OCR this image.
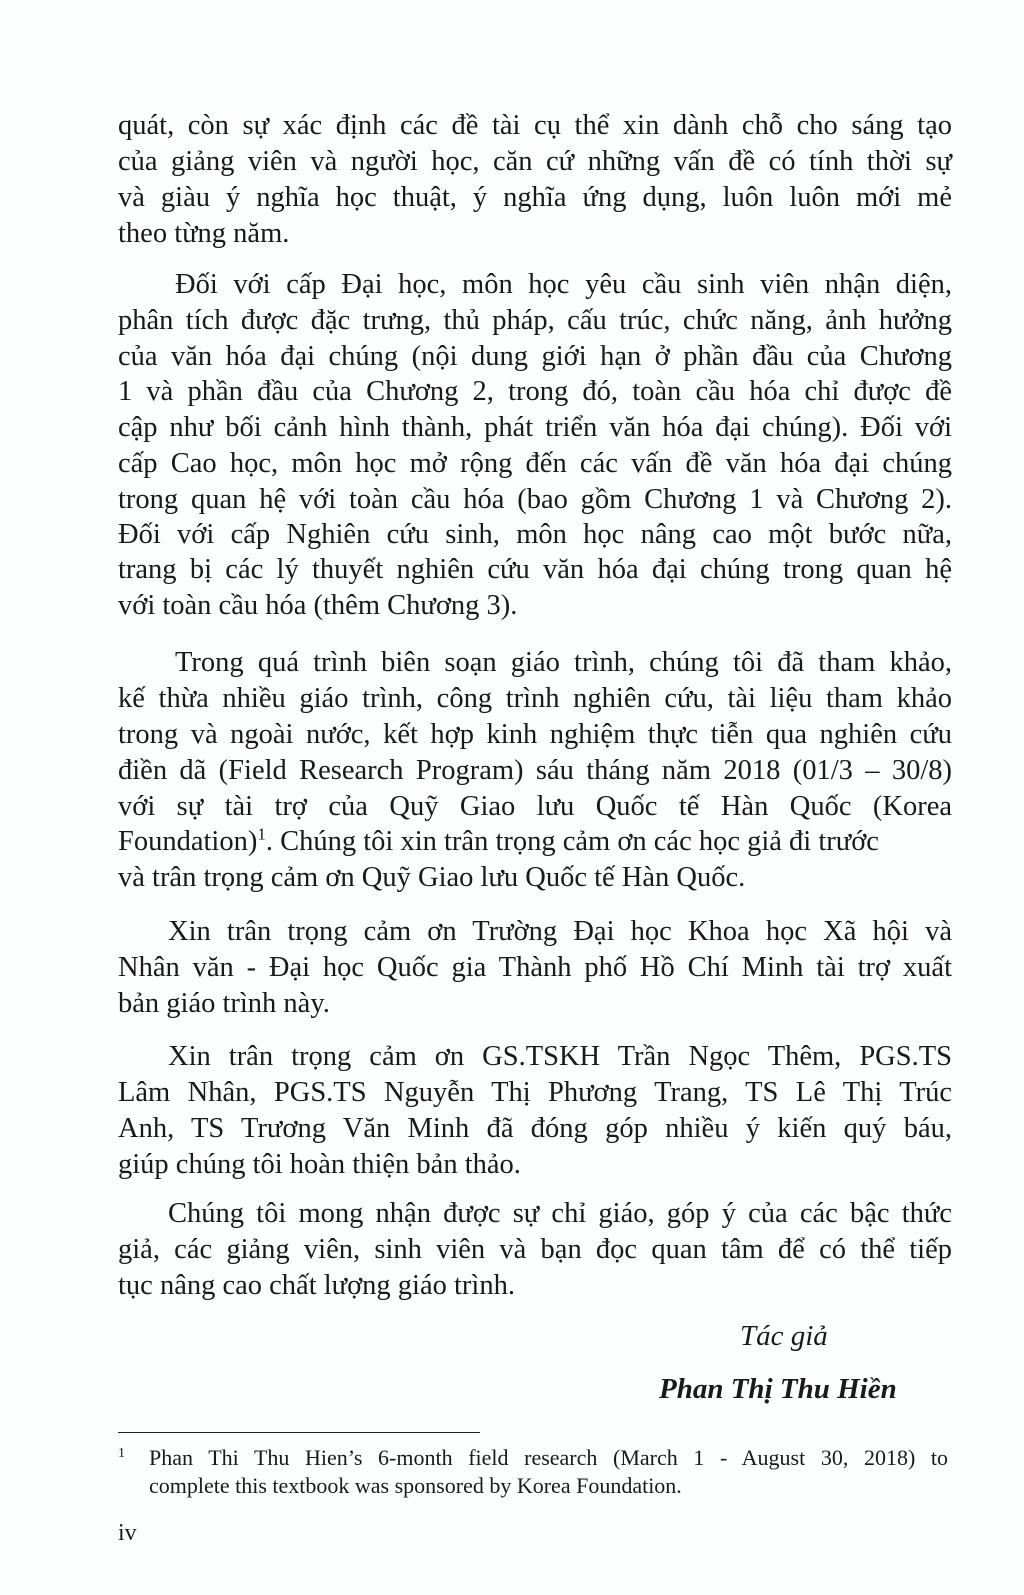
quát, còn sự xác định các đề tài cụ thể xin dành chỗ cho sáng tạo
của giảng viên và người học, căn cứ những vấn đề có tính thời sự
và giàu ý nghĩa học thuật, ý nghĩa ứng dụng, luôn luôn mới mẻ
theo từng năm.
Đối với cấp Đại học, môn học yêu cầu sinh viên nhận diện,
phân tích được đặc trưng, thủ pháp, cấu trúc, chức năng, ảnh hưởng
của văn hóa đại chúng (nội dung giới hạn ở phần đầu của Chương
1 và phần đầu của Chương 2, trong đó, toàn cầu hóa chỉ được đề
cập như bối cảnh hình thành, phát triển văn hóa đại chúng). Đối với
cấp Cao học, môn học mở rộng đến các vấn đề văn hóa đại chúng
trong quan hệ với toàn cầu hóa (bao gồm Chương 1 và Chương 2).
Đối với cấp Nghiên cứu sinh, môn học nâng cao một bước nữa,
trang bị các lý thuyết nghiên cứu văn hóa đại chúng trong quan hệ
với toàn cầu hóa (thêm Chương 3).
Trong quá trình biên soạn giáo trình, chúng tôi đã tham khảo,
kế thừa nhiều giáo trình, công trình nghiên cứu, tài liệu tham khảo
trong và ngoài nước, kết hợp kinh nghiệm thực tiễn qua nghiên cứu
điền dã (Field Research Program) sáu tháng năm 2018 (01/3 – 30/8)
với sự tài trợ của Quỹ Giao lưu Quốc tế Hàn Quốc (Korea
Foundation)$^1$. Chúng tôi xin trân trọng cảm ơn các học giả đi trước
và trân trọng cảm ơn Quỹ Giao lưu Quốc tế Hàn Quốc.
Xin trân trọng cảm ơn Trường Đại học Khoa học Xã hội và
Nhân văn - Đại học Quốc gia Thành phố Hồ Chí Minh tài trợ xuất
bản giáo trình này.
Xin trân trọng cảm ơn GS.TSKH Trần Ngọc Thêm, PGS.TS
Lâm Nhân, PGS.TS Nguyễn Thị Phương Trang, TS Lê Thị Trúc
Anh, TS Trương Văn Minh đã đóng góp nhiều ý kiến quý báu,
giúp chúng tôi hoàn thiện bản thảo.
Chúng tôi mong nhận được sự chỉ giáo, góp ý của các bậc thức
giả, các giảng viên, sinh viên và bạn đọc quan tâm để có thể tiếp
tục nâng cao chất lượng giáo trình.
Tác giả
Phan Thị Thu Hiền
1 Phan Thi Thu Hien’s 6-month field research (March 1 - August 30, 2018) to
complete this textbook was sponsored by Korea Foundation.
iv
